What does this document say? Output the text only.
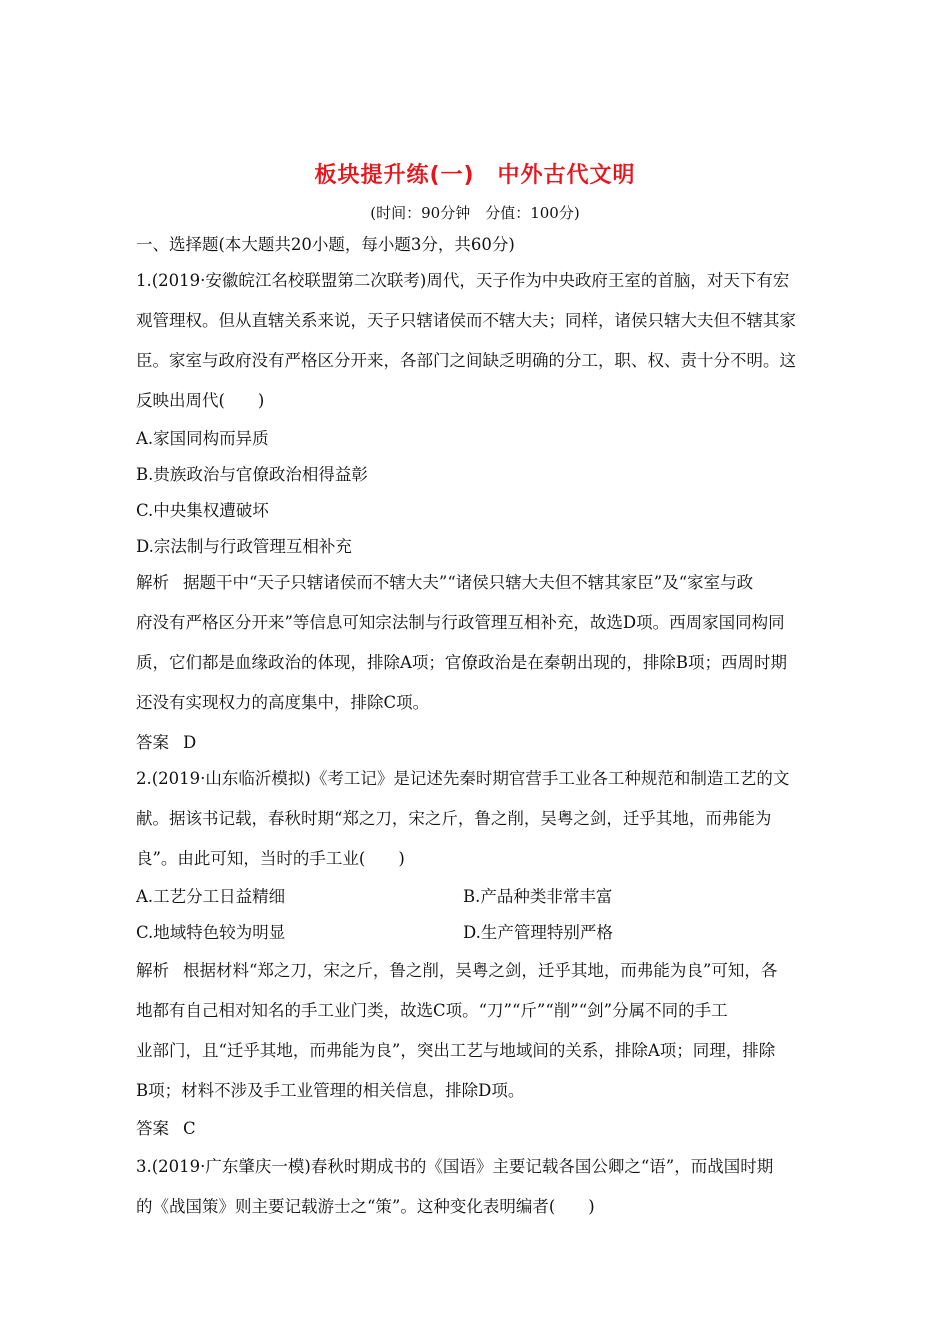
板块提升练(一)　中外古代文明
(时间：90分钟　分值：100分)
一、选择题(本大题共20小题，每小题3分，共60分)
1.(2019·安徽皖江名校联盟第二次联考)周代，天子作为中央政府王室的首脑，对天下有宏
观管理权。但从直辖关系来说，天子只辖诸侯而不辖大夫；同样，诸侯只辖大夫但不辖其家
臣。家室与政府没有严格区分开来，各部门之间缺乏明确的分工，职、权、责十分不明。这
反映出周代(　　)
A.家国同构而异质
B.贵族政治与官僚政治相得益彰
C.中央集权遭破坏
D.宗法制与行政管理互相补充
解析 据题干中“天子只辖诸侯而不辖大夫”“诸侯只辖大夫但不辖其家臣”及“家室与政
府没有严格区分开来”等信息可知宗法制与行政管理互相补充，故选D项。西周家国同构同
质，它们都是血缘政治的体现，排除A项；官僚政治是在秦朝出现的，排除B项；西周时期
还没有实现权力的高度集中，排除C项。
答案 D
2.(2019·山东临沂模拟)《考工记》是记述先秦时期官营手工业各工种规范和制造工艺的文
献。据该书记载，春秋时期“郑之刀，宋之斤，鲁之削，吴粤之剑，迁乎其地，而弗能为
良”。由此可知，当时的手工业(　　)
A.工艺分工日益精细	B.产品种类非常丰富
C.地域特色较为明显	D.生产管理特别严格
解析 根据材料“郑之刀，宋之斤，鲁之削，吴粤之剑，迁乎其地，而弗能为良”可知，各
地都有自己相对知名的手工业门类，故选C项。“刀”“斤”“削”“剑”分属不同的手工
业部门，且“迁乎其地，而弗能为良”，突出工艺与地域间的关系，排除A项；同理，排除
B项；材料不涉及手工业管理的相关信息，排除D项。
答案 C
3.(2019·广东肇庆一模)春秋时期成书的《国语》主要记载各国公卿之“语”，而战国时期
的《战国策》则主要记载游士之“策”。这种变化表明编者(　　)
